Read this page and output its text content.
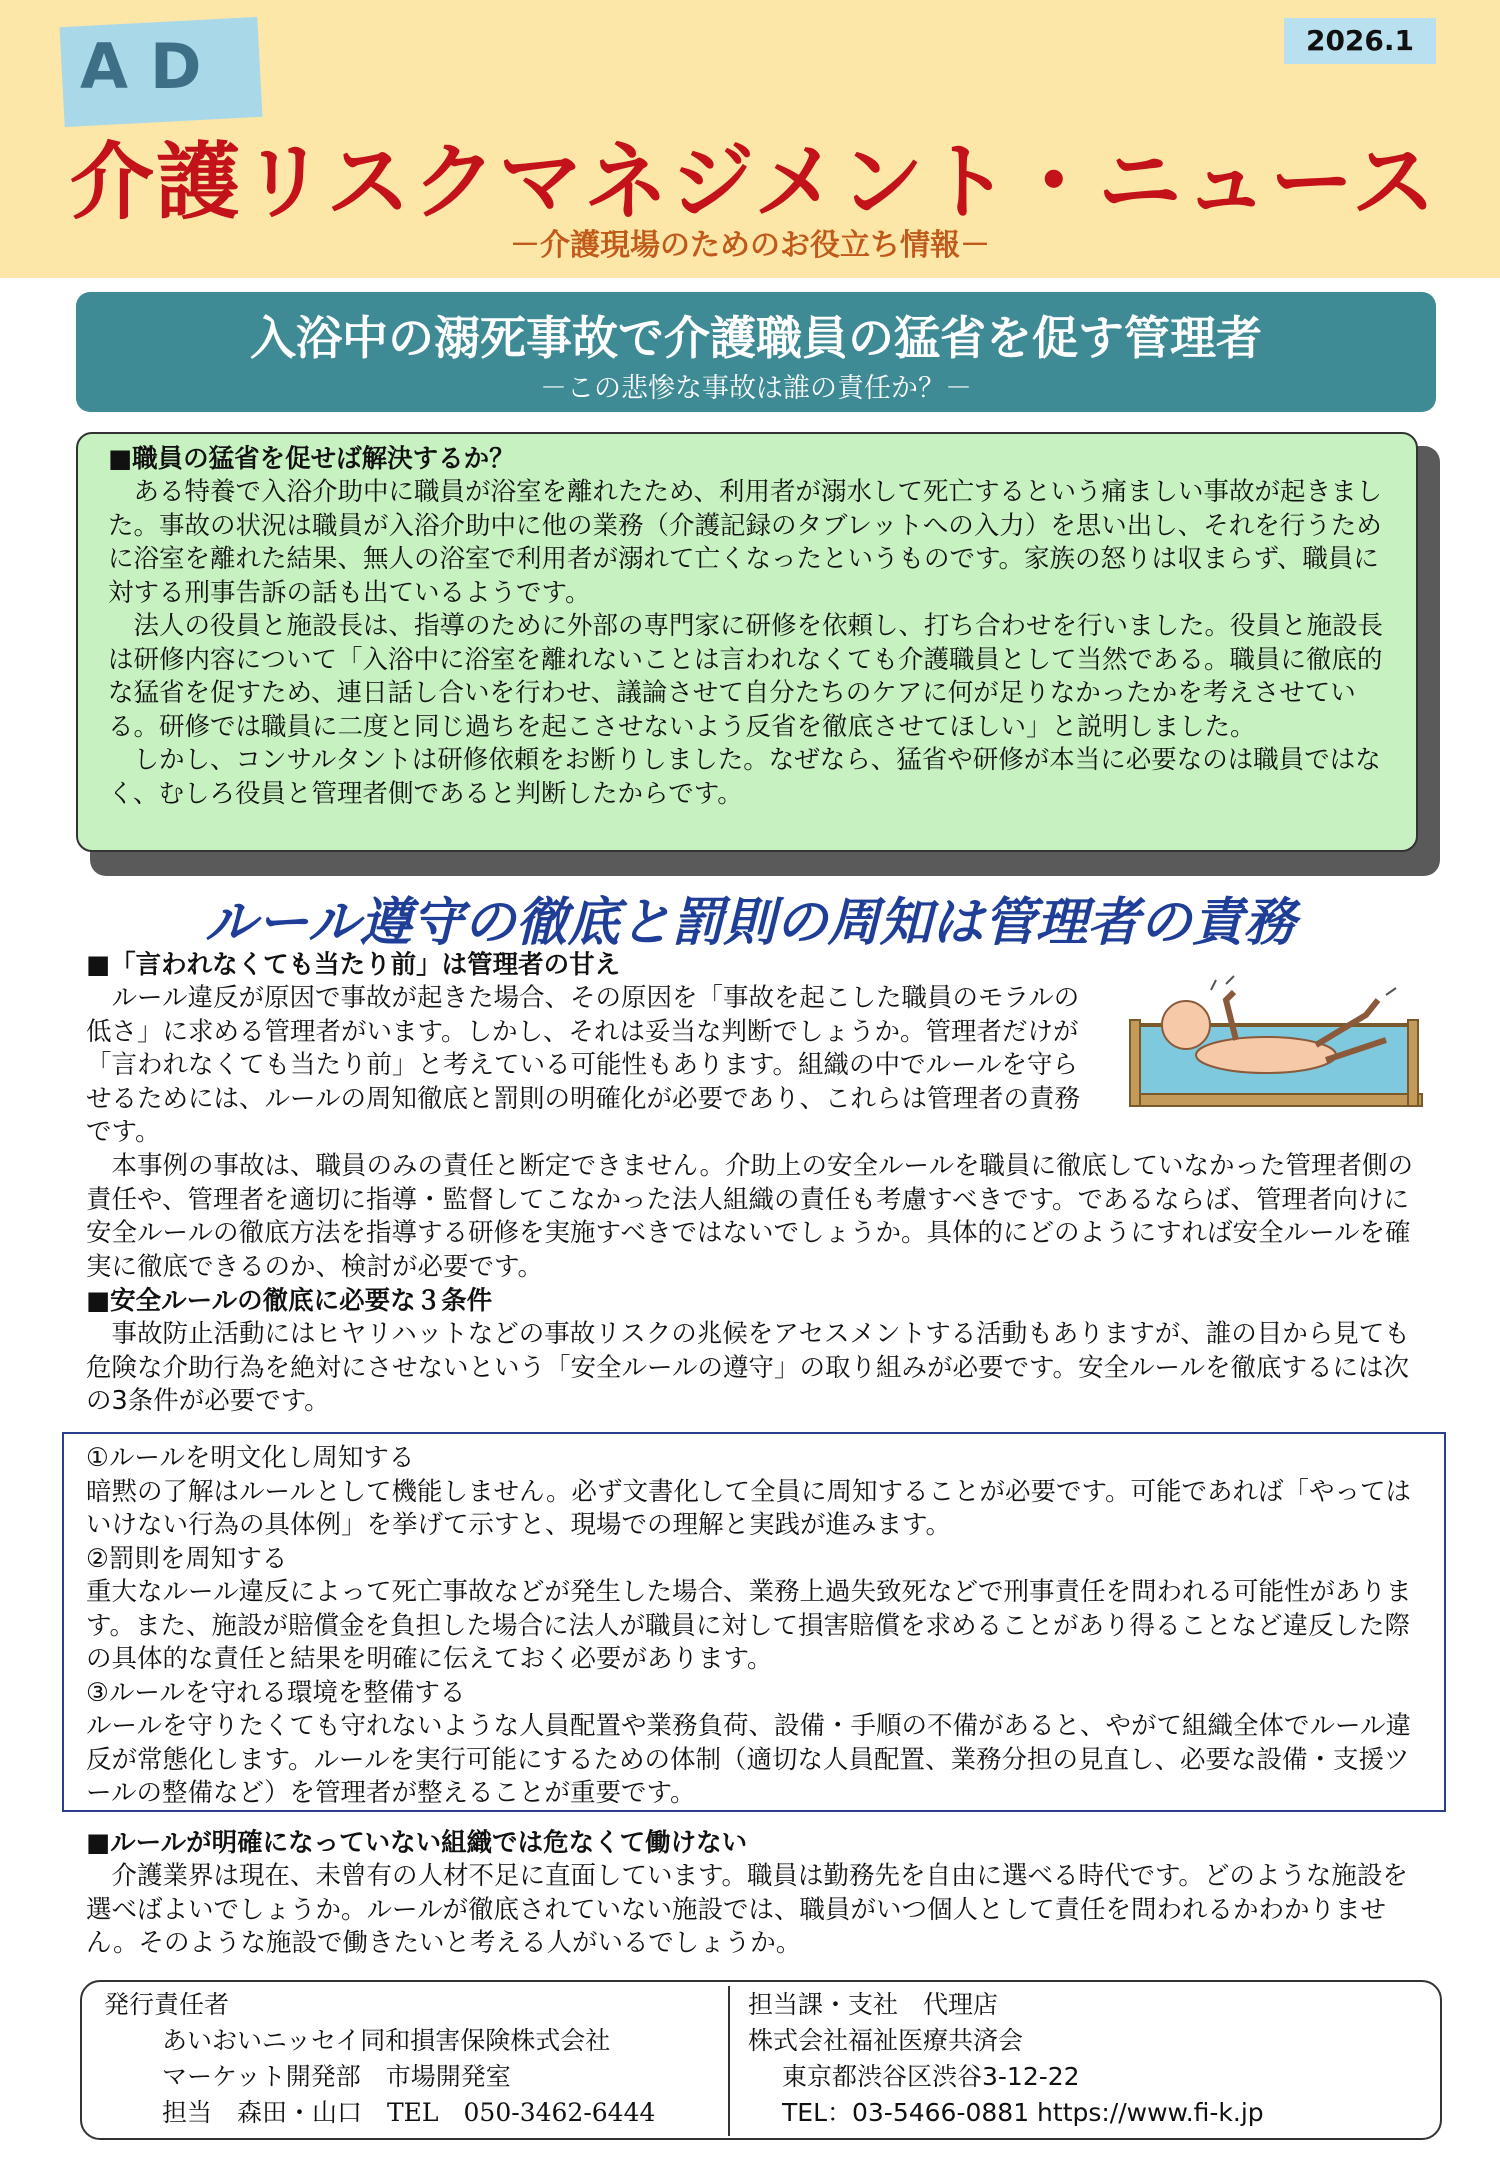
AD	2026.1
介護リスクマネジメント・ニュース
－介護現場のためのお役立ち情報－
入浴中の溺死事故で介護職員の猛省を促す管理者
－この悲惨な事故は誰の責任か？－

■職員の猛省を促せば解決するか？

ある特養で入浴介助中に職員が浴室を離れたため、利用者が溺水して死亡するという痛ましい事故が起きました。事故の状況は職員が入浴介助中に他の業務（介護記録のタブレットへの入力）を思い出し、それを行うために浴室を離れた結果、無人の浴室で利用者が溺れて亡くなったというものです。家族の怒りは収まらず、職員に対する刑事告訴の話も出ているようです。

法人の役員と施設長は、指導のために外部の専門家に研修を依頼し、打ち合わせを行いました。役員と施設長は研修内容について「入浴中に浴室を離れないことは言われなくても介護職員として当然である。職員に徹底的な猛省を促すため、連日話し合いを行わせ、議論させて自分たちのケアに何が足りなかったかを考えさせている。研修では職員に二度と同じ過ちを起こさせないよう反省を徹底させてほしい」と説明しました。

しかし、コンサルタントは研修依頼をお断りしました。なぜなら、猛省や研修が本当に必要なのは職員ではなく、むしろ役員と管理者側であると判断したからです。

ルール遵守の徹底と罰則の周知は管理者の責務

■「言われなくても当たり前」は管理者の甘え

ルール違反が原因で事故が起きた場合、その原因を「事故を起こした職員のモラルの低さ」に求める管理者がいます。しかし、それは妥当な判断でしょうか。管理者だけが「言われなくても当たり前」と考えている可能性もあります。組織の中でルールを守らせるためには、ルールの周知徹底と罰則の明確化が必要であり、これらは管理者の責務です。

本事例の事故は、職員のみの責任と断定できません。介助上の安全ルールを職員に徹底していなかった管理者側の責任や、管理者を適切に指導・監督してこなかった法人組織の責任も考慮すべきです。であるならば、管理者向けに安全ルールの徹底方法を指導する研修を実施すべきではないでしょうか。具体的にどのようにすれば安全ルールを確実に徹底できるのか、検討が必要です。

■安全ルールの徹底に必要な３条件

事故防止活動にはヒヤリハットなどの事故リスクの兆候をアセスメントする活動もありますが、誰の目から見ても危険な介助行為を絶対にさせないという「安全ルールの遵守」の取り組みが必要です。安全ルールを徹底するには次の3条件が必要です。

①ルールを明文化し周知する

暗黙の了解はルールとして機能しません。必ず文書化して全員に周知することが必要です。可能であれば「やってはいけない行為の具体例」を挙げて示すと、現場での理解と実践が進みます。

②罰則を周知する

重大なルール違反によって死亡事故などが発生した場合、業務上過失致死などで刑事責任を問われる可能性があります。また、施設が賠償金を負担した場合に法人が職員に対して損害賠償を求めることがあり得ることなど違反した際の具体的な責任と結果を明確に伝えておく必要があります。

③ルールを守れる環境を整備する

ルールを守りたくても守れないような人員配置や業務負荷、設備・手順の不備があると、やがて組織全体でルール違反が常態化します。ルールを実行可能にするための体制（適切な人員配置、業務分担の見直し、必要な設備・支援ツールの整備など）を管理者が整えることが重要です。

■ルールが明確になっていない組織では危なくて働けない

介護業界は現在、未曾有の人材不足に直面しています。職員は勤務先を自由に選べる時代です。どのような施設を選べばよいでしょうか。ルールが徹底されていない施設では、職員がいつ個人として責任を問われるかわかりません。そのような施設で働きたいと考える人がいるでしょうか。

発行責任者
あいおいニッセイ同和損害保険株式会社
マーケット開発部　市場開発室
担当　森田・山口　TEL　050-3462-6444
担当課・支社　代理店
株式会社福祉医療共済会
東京都渋谷区渋谷3-12-22
TEL：03-5466-0881 https://www.fi-k.jp
